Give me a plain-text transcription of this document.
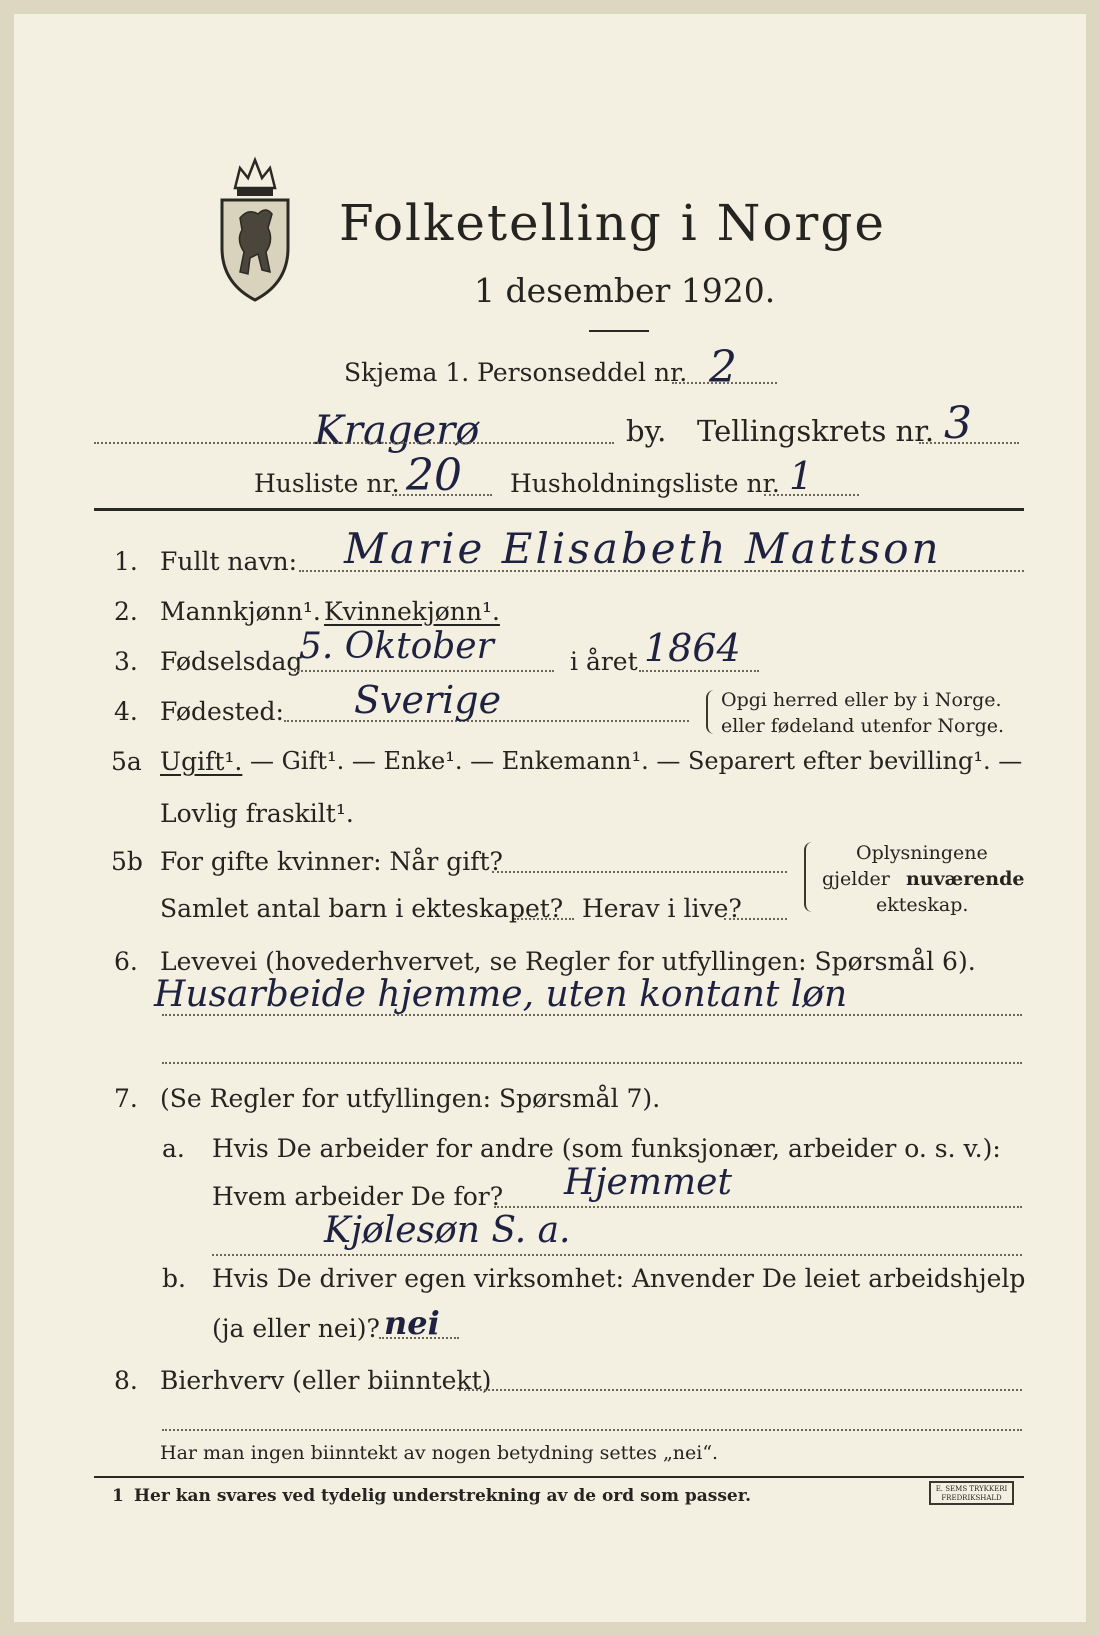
Folketelling i Norge
1 desember 1920.
Skjema 1. Personseddel nr. 2
Kragerø	by. Tellingskrets nr. 3
Husliste nr. 20 Husholdningsliste nr. 1
1. Fullt navn: Marie Elisabeth Mattson
2. Mannkjønn¹. Kvinnekjønn¹.
3. Fødselsdag
5. Oktober	i året 1864
4. Fødested: Sverige	Opgi herred eller by i Norge.
eller fødeland utenfor Norge.
5a Ugift¹. — Gift¹. — Enke¹. — Enkemann¹. — Separert efter bevilling¹. —
Lovlig fraskilt¹.
5b For gifte kvinner: Når gift?
Samlet antal barn i ekteskapet? Herav i live?
Oplysningene
gjelder nuværende
ekteskap.
6. Levevei (hovederhvervet, se Regler for utfyllingen: Spørsmål 6).
Husarbeide hjemme, uten kontant løn
7. (Se Regler for utfyllingen: Spørsmål 7).
a. Hvis De arbeider for andre (som funksjonær, arbeider o. s. v.):
Hvem arbeider De for? Hjemmet
Kjølesøn S. a.
b. Hvis De driver egen virksomhet: Anvender De leiet arbeidshjelp
(ja eller nei)? nei
8. Bierhverv (eller biinntekt)
Har man ingen biinntekt av nogen betydning settes „nei“.
1 Her kan svares ved tydelig understrekning av de ord som passer.	E. SEMS TRYKKERI
FREDRIKSHALD
